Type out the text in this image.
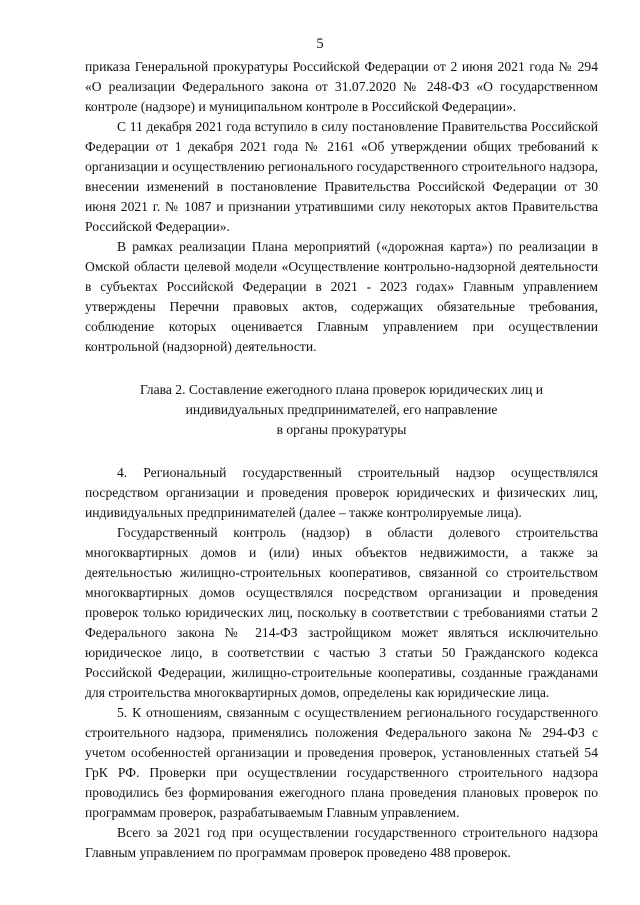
5

приказа Генеральной прокуратуры Российской Федерации от 2 июня 2021 года № 294 «О реализации Федерального закона от 31.07.2020 № 248-ФЗ «О государственном контроле (надзоре) и муниципальном контроле в Российской Федерации».

С 11 декабря 2021 года вступило в силу постановление Правительства Российской Федерации от 1 декабря 2021 года № 2161 «Об утверждении общих требований к организации и осуществлению регионального государственного строительного надзора, внесении изменений в постановление Правительства Российской Федерации от 30 июня 2021 г. № 1087 и признании утратившими силу некоторых актов Правительства Российской Федерации».

В рамках реализации Плана мероприятий («дорожная карта») по реализации в Омской области целевой модели «Осуществление контрольно-надзорной деятельности в субъектах Российской Федерации в 2021 - 2023 годах» Главным управлением утверждены Перечни правовых актов, содержащих обязательные требования, соблюдение которых оценивается Главным управлением при осуществлении контрольной (надзорной) деятельности.

Глава 2. Составление ежегодного плана проверок юридических лиц и
индивидуальных предпринимателей, его направление
в органы прокуратуры

4. Региональный государственный строительный надзор осуществлялся посредством организации и проведения проверок юридических и физических лиц, индивидуальных предпринимателей (далее – также контролируемые лица).

Государственный контроль (надзор) в области долевого строительства многоквартирных домов и (или) иных объектов недвижимости, а также за деятельностью жилищно-строительных кооперативов, связанной со строительством многоквартирных домов осуществлялся посредством организации и проведения проверок только юридических лиц, поскольку в соответствии с требованиями статьи 2 Федерального закона № 214-ФЗ застройщиком может являться исключительно юридическое лицо, в соответствии с частью 3 статьи 50 Гражданского кодекса Российской Федерации, жилищно-строительные кооперативы, созданные гражданами для строительства многоквартирных домов, определены как юридические лица.

5. К отношениям, связанным с осуществлением регионального государственного строительного надзора, применялись положения Федерального закона № 294-ФЗ с учетом особенностей организации и проведения проверок, установленных статьей 54 ГрК РФ. Проверки при осуществлении государственного строительного надзора проводились без формирования ежегодного плана проведения плановых проверок по программам проверок, разрабатываемым Главным управлением.

Всего за 2021 год при осуществлении государственного строительного надзора Главным управлением по программам проверок проведено 488 проверок.
